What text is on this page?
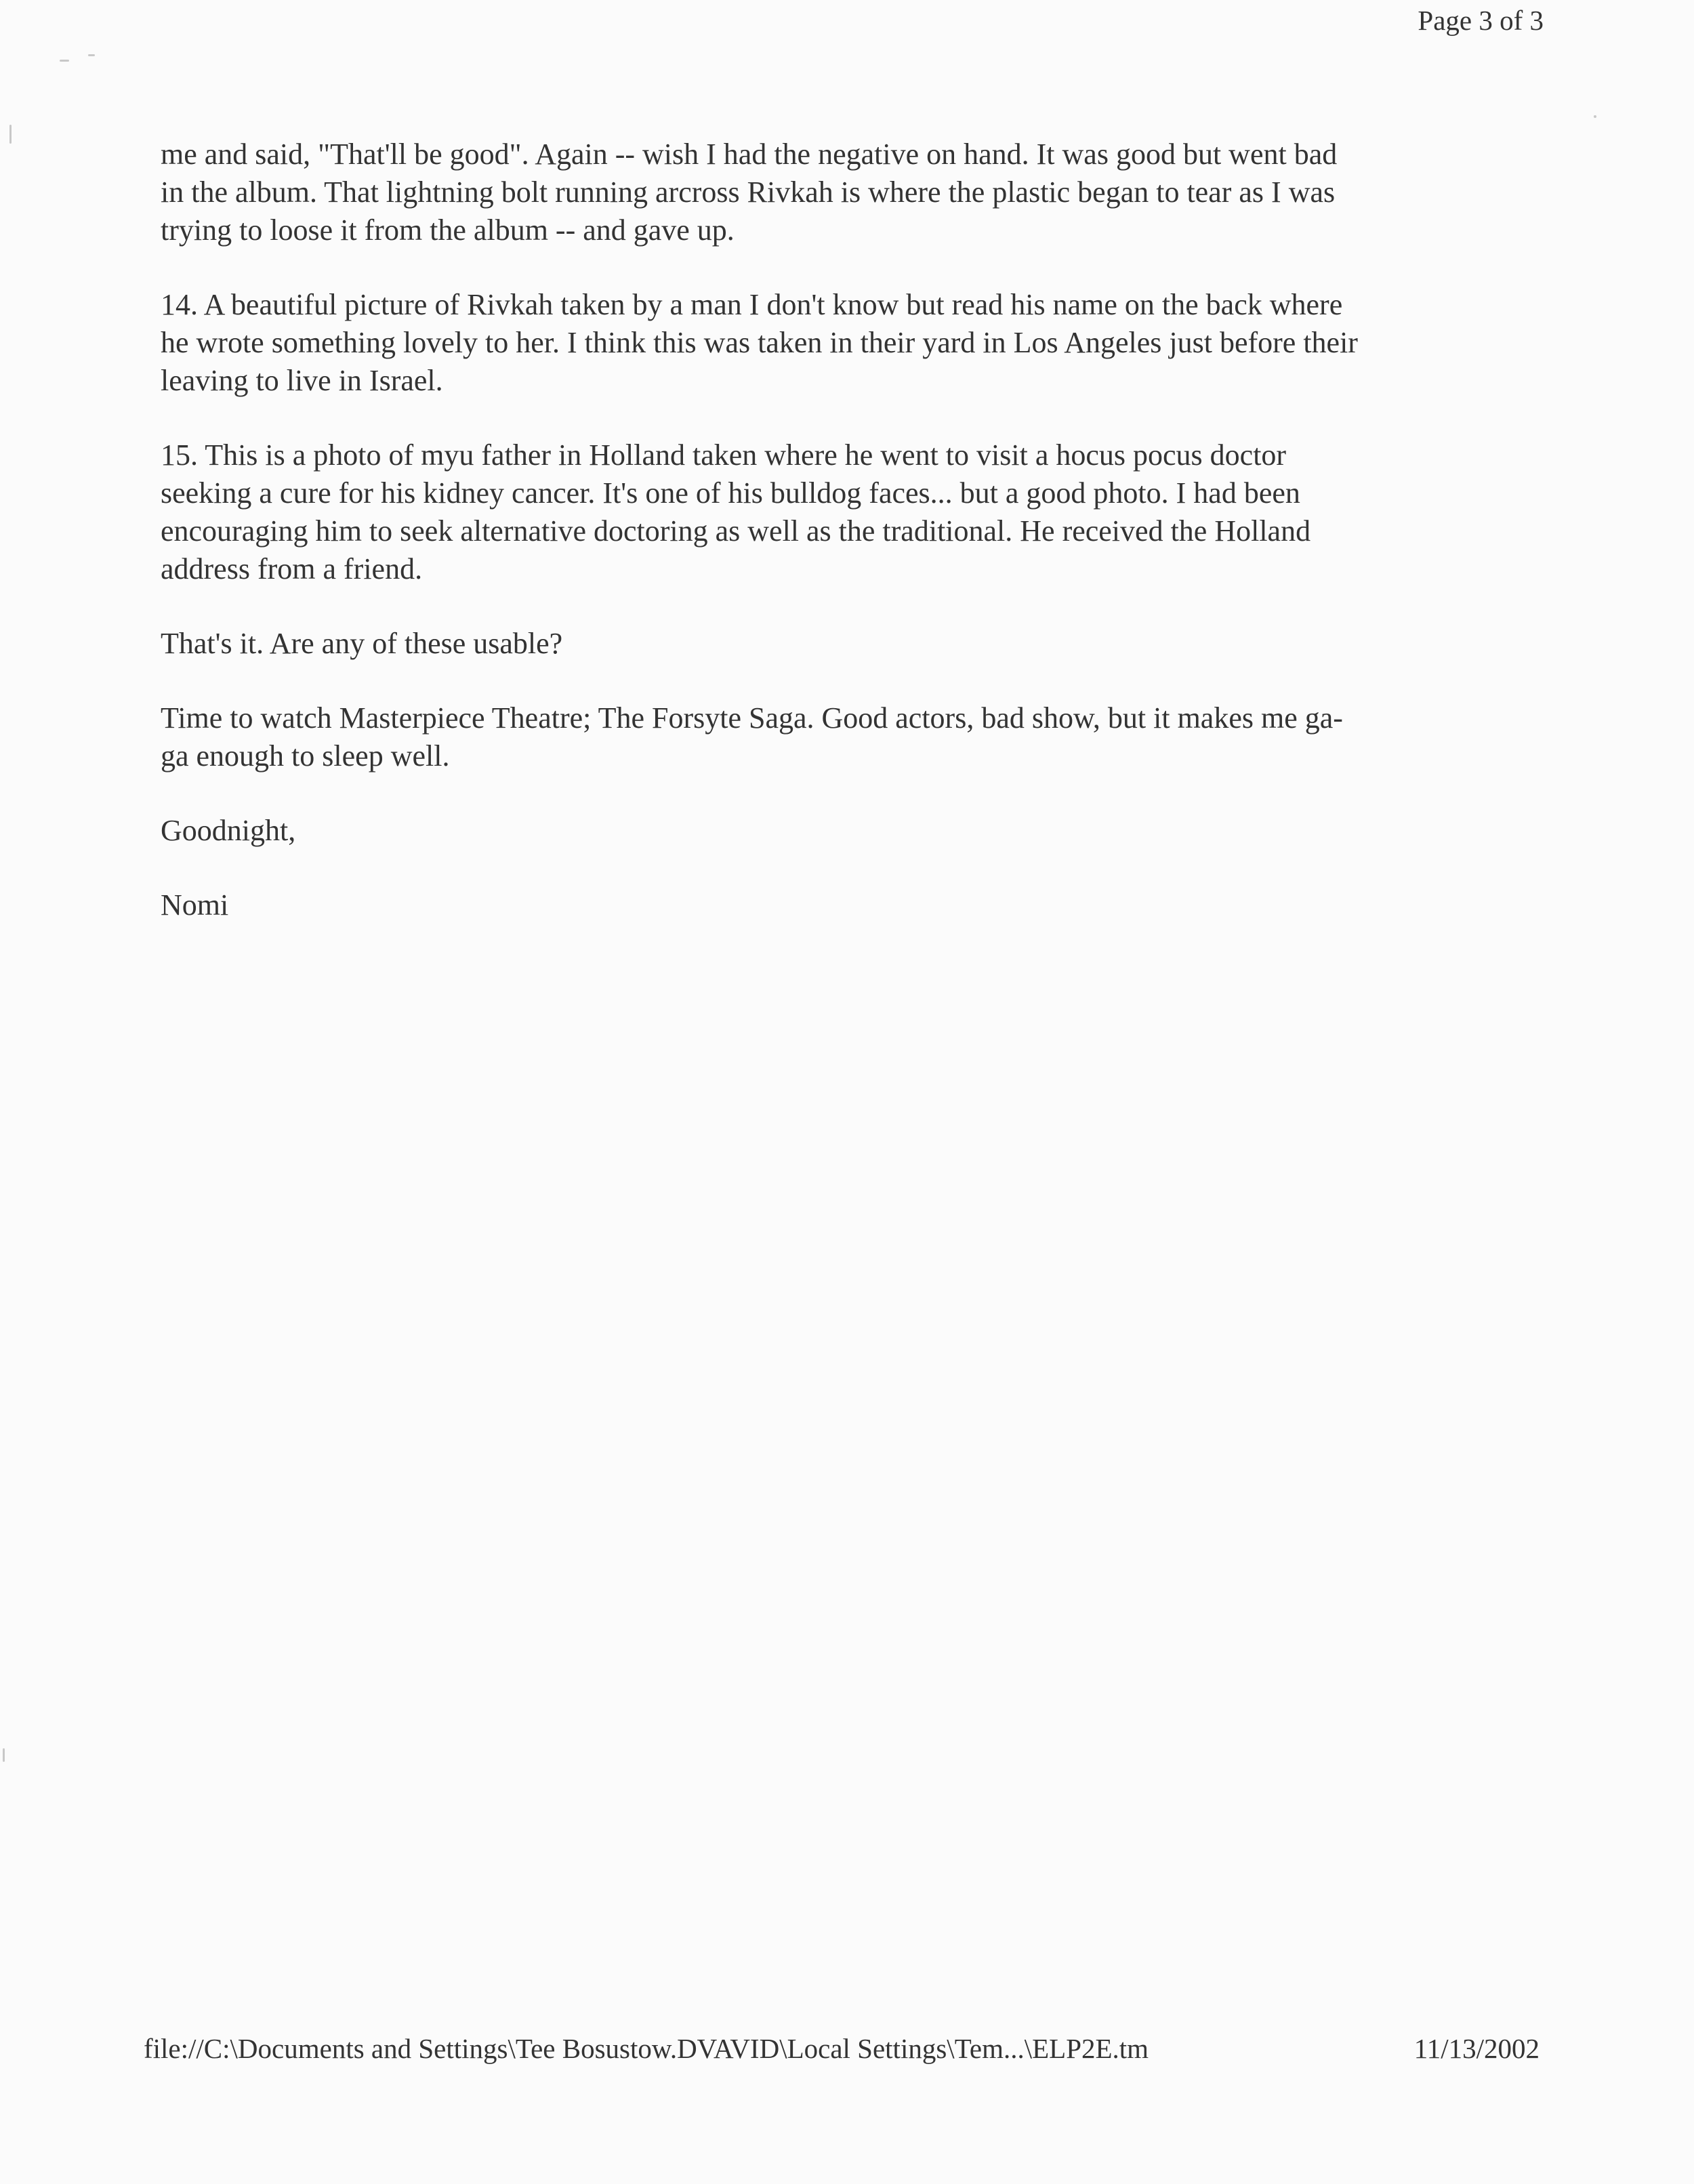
Page 3 of 3

me and said, "That'll be good". Again -- wish I had the negative on hand. It was good but went bad
in the album. That lightning bolt running arcross Rivkah is where the plastic began to tear as I was
trying to loose it from the album -- and gave up.

14. A beautiful picture of Rivkah taken by a man I don't know but read his name on the back where
he wrote something lovely to her. I think this was taken in their yard in Los Angeles just before their
leaving to live in Israel.

15. This is a photo of myu father in Holland taken where he went to visit a hocus pocus doctor
seeking a cure for his kidney cancer. It's one of his bulldog faces... but a good photo. I had been
encouraging him to seek alternative doctoring as well as the traditional. He received the Holland
address from a friend.

That's it. Are any of these usable?

Time to watch Masterpiece Theatre; The Forsyte Saga. Good actors, bad show, but it makes me ga-
ga enough to sleep well.

Goodnight,

Nomi

file://C:\Documents and Settings\Tee Bosustow.DVAVID\Local Settings\Tem...\ELP2E.tm	11/13/2002
